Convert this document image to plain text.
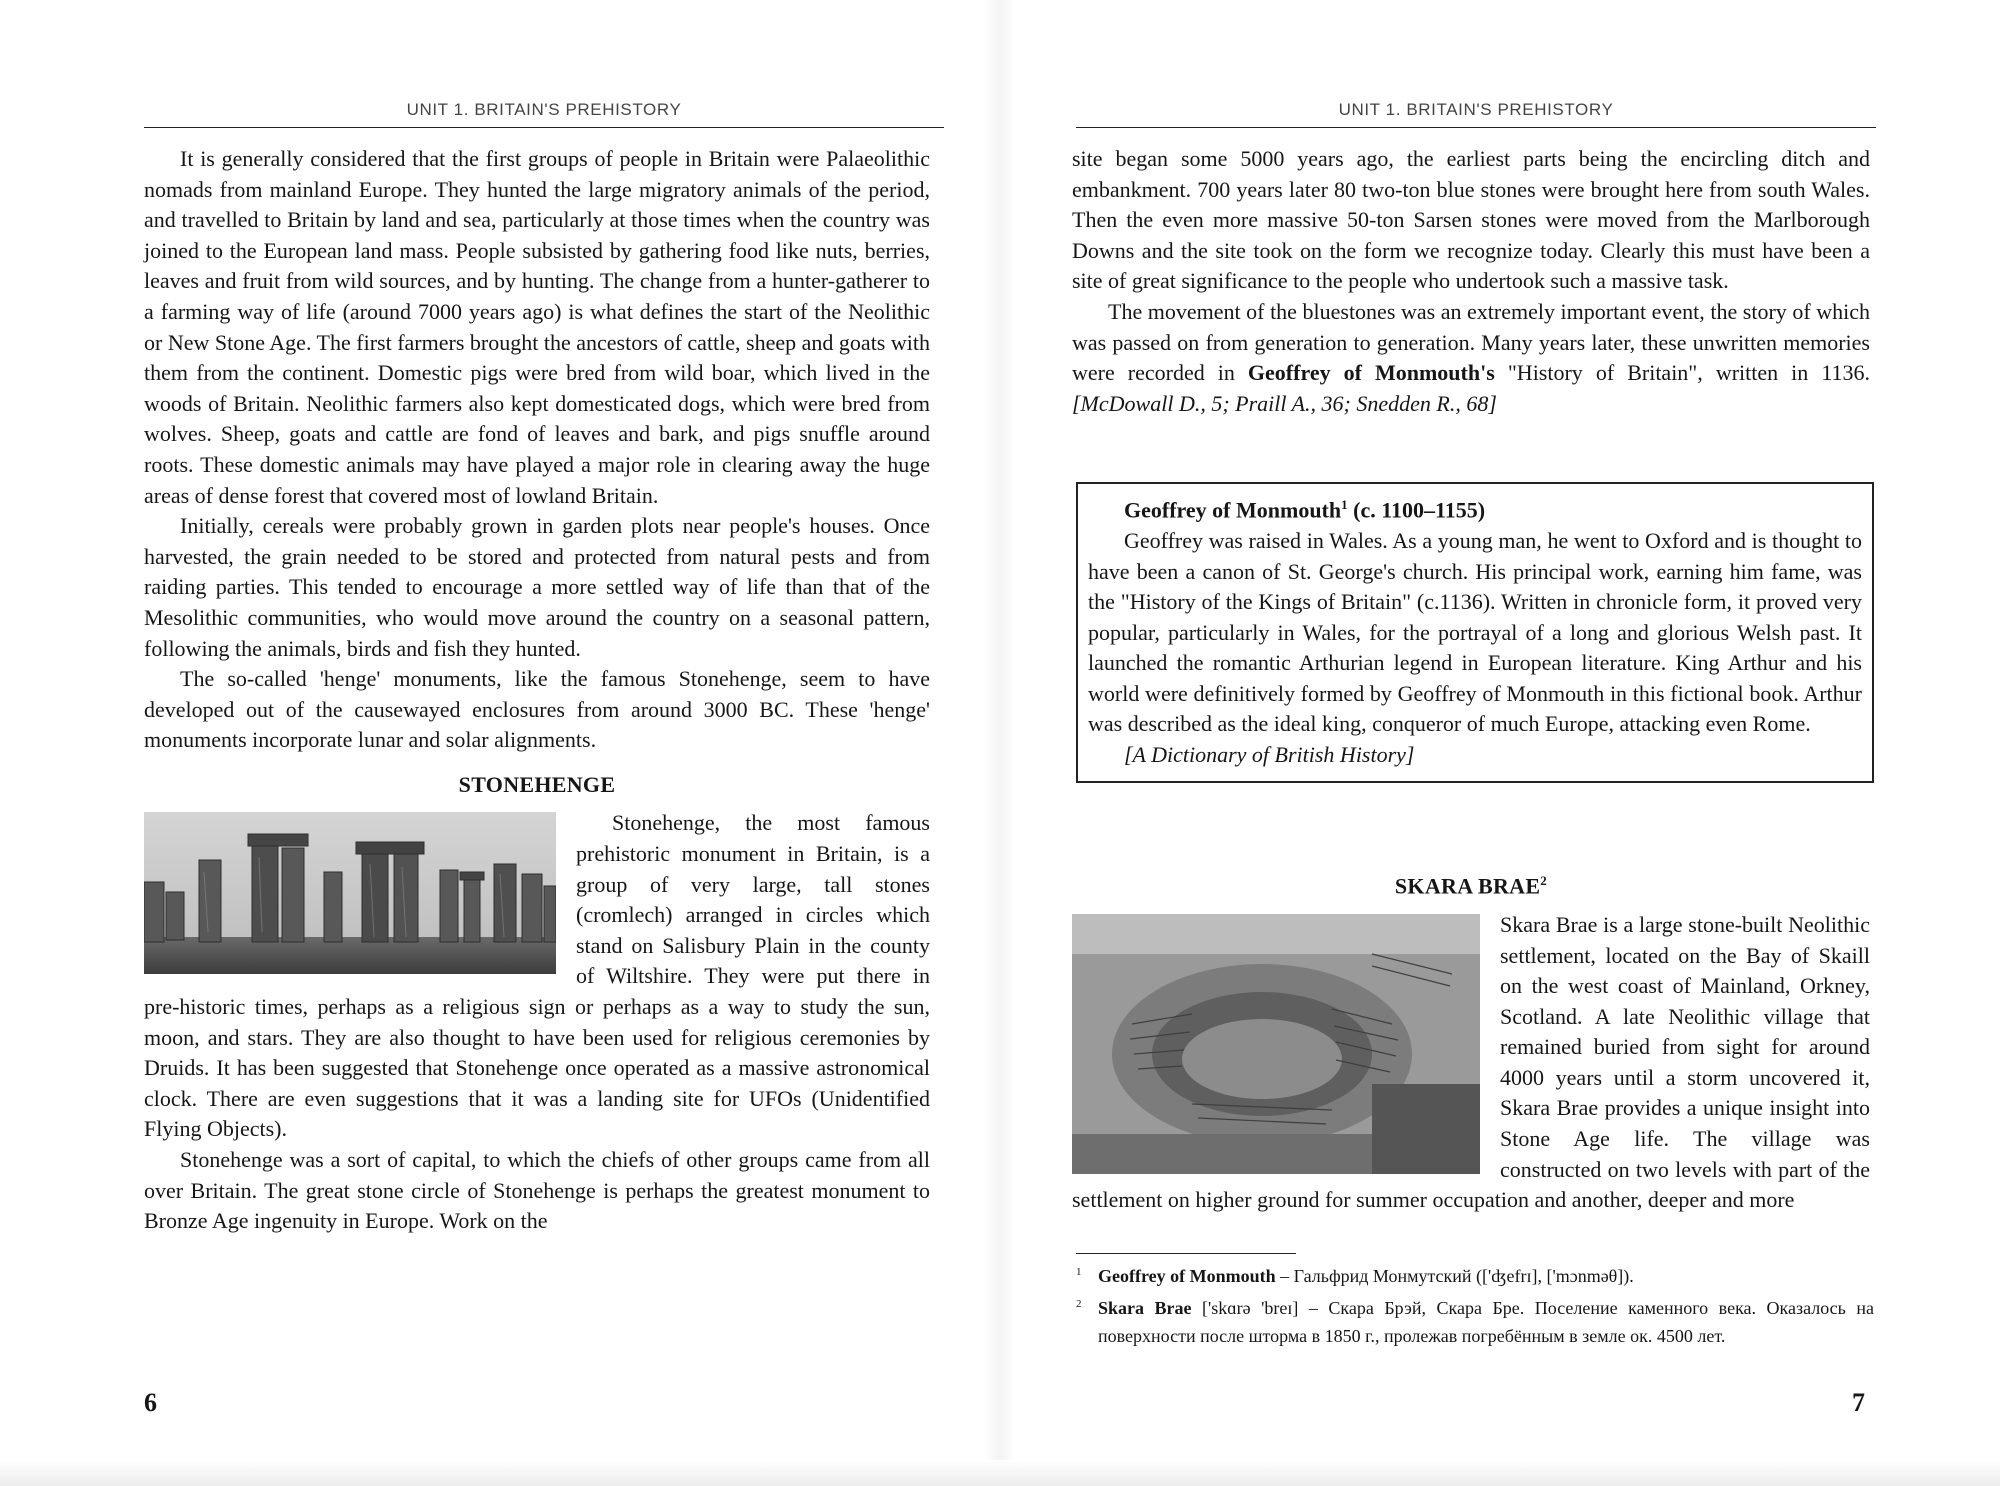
UNIT 1. BRITAIN'S PREHISTORY

It is generally considered that the first groups of people in Britain were Palaeolithic nomads from mainland Europe. They hunted the large migratory animals of the period, and travelled to Britain by land and sea, particularly at those times when the country was joined to the European land mass. People subsisted by gathering food like nuts, berries, leaves and fruit from wild sources, and by hunting. The change from a hunter-gatherer to a farming way of life (around 7000 years ago) is what defines the start of the Neolithic or New Stone Age. The first farmers brought the ancestors of cattle, sheep and goats with them from the continent. Domestic pigs were bred from wild boar, which lived in the woods of Britain. Neolithic farmers also kept domesticated dogs, which were bred from wolves. Sheep, goats and cattle are fond of leaves and bark, and pigs snuffle around roots. These domestic animals may have played a major role in clearing away the huge areas of dense forest that covered most of lowland Britain.

Initially, cereals were probably grown in garden plots near people's houses. Once harvested, the grain needed to be stored and protected from natural pests and from raiding parties. This tended to encourage a more settled way of life than that of the Mesolithic communities, who would move around the country on a seasonal pattern, following the animals, birds and fish they hunted.

The so-called 'henge' monuments, like the famous Stonehenge, seem to have developed out of the causewayed enclosures from around 3000 BC. These 'henge' monuments incorporate lunar and solar alignments.

STONEHENGE

Stonehenge, the most famous prehistoric monument in Britain, is a group of very large, tall stones (cromlech) arranged in circles which stand on Salisbury Plain in the county of Wiltshire. They were put there in pre-historic times, perhaps as a religious sign or perhaps as a way to study the sun, moon, and stars. They are also thought to have been used for religious ceremonies by Druids. It has been suggested that Stonehenge once operated as a massive astronomical clock. There are even suggestions that it was a landing site for UFOs (Unidentified Flying Objects).

Stonehenge was a sort of capital, to which the chiefs of other groups came from all over Britain. The great stone circle of Stonehenge is perhaps the greatest monument to Bronze Age ingenuity in Europe. Work on the

6
UNIT 1. BRITAIN'S PREHISTORY

site began some 5000 years ago, the earliest parts being the encircling ditch and embankment. 700 years later 80 two-ton blue stones were brought here from south Wales. Then the even more massive 50-ton Sarsen stones were moved from the Marlborough Downs and the site took on the form we recognize today. Clearly this must have been a site of great significance to the people who undertook such a massive task.

The movement of the bluestones was an extremely important event, the story of which was passed on from generation to generation. Many years later, these unwritten memories were recorded in Geoffrey of Monmouth's "History of Britain", written in 1136. [McDowall D., 5; Praill A., 36; Snedden R., 68]

Geoffrey of Monmouth$^1$ (c. 1100–1155)

Geoffrey was raised in Wales. As a young man, he went to Oxford and is thought to have been a canon of St. George's church. His principal work, earning him fame, was the "History of the Kings of Britain" (c.1136). Written in chronicle form, it proved very popular, particularly in Wales, for the portrayal of a long and glorious Welsh past. It launched the romantic Arthurian legend in European literature. King Arthur and his world were definitively formed by Geoffrey of Monmouth in this fictional book. Arthur was described as the ideal king, conqueror of much Europe, attacking even Rome.

[A Dictionary of British History]

SKARA BRAE$^2$

Skara Brae is a large stone-built Neolithic settlement, located on the Bay of Skaill on the west coast of Mainland, Orkney, Scotland. A late Neolithic village that remained buried from sight for around 4000 years until a storm uncovered it, Skara Brae provides a unique insight into Stone Age life. The village was constructed on two levels with part of the settlement on higher ground for summer occupation and another, deeper and more

$^1$ Geoffrey of Monmouth – Гальфрид Монмутский (['ʤefrɪ], ['mɔnməθ]).

$^2$ Skara Brae ['skɑrə 'breɪ] – Скара Брэй, Скара Бре. Поселение каменного века. Оказалось на поверхности после шторма в 1850 г., пролежав погребённым в земле ок. 4500 лет.

7
